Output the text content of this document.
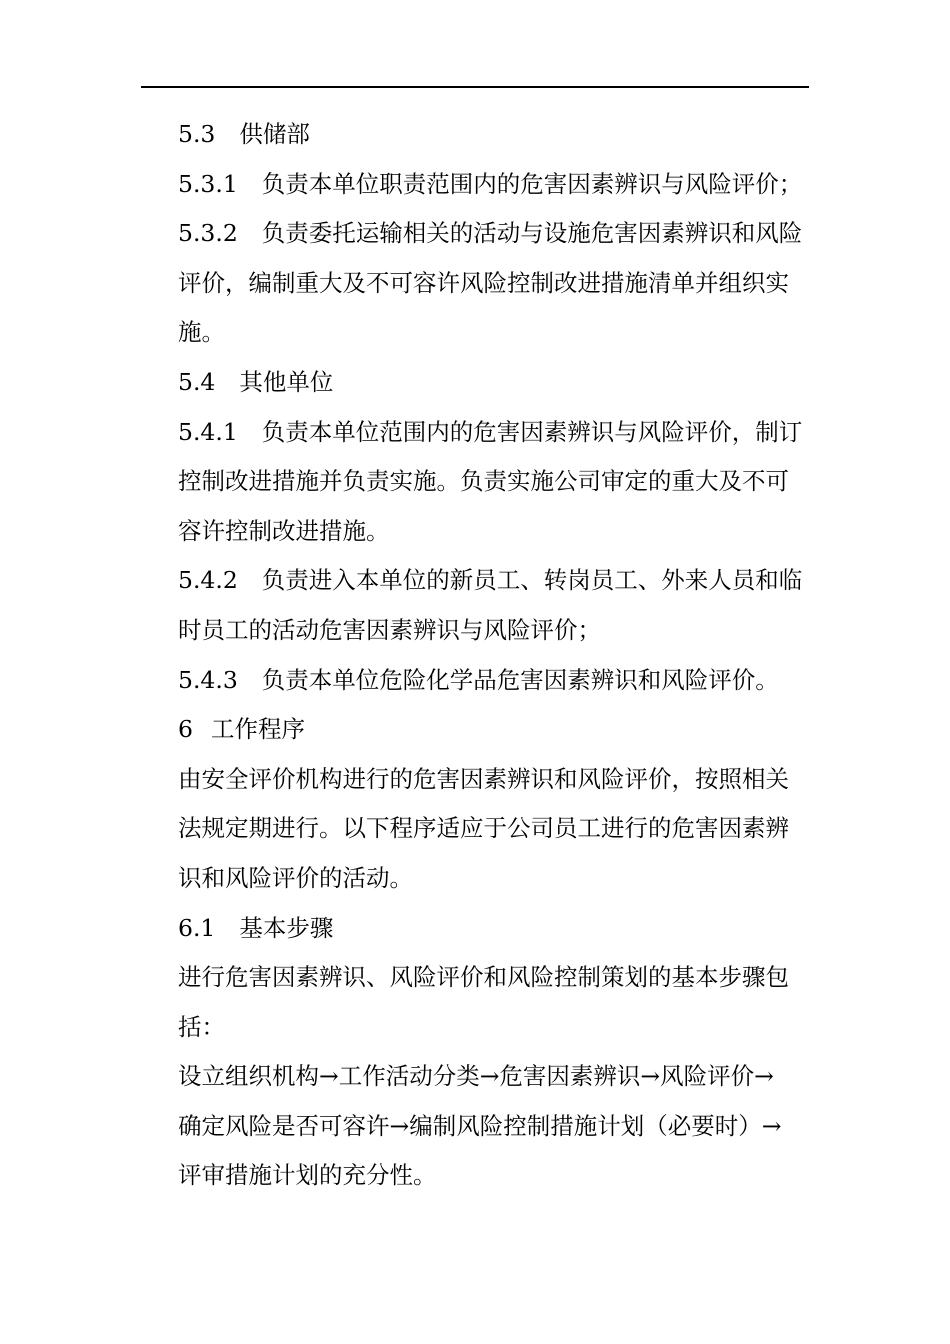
5.3 供储部
5.3.1 负责本单位职责范围内的危害因素辨识与风险评价；
5.3.2 负责委托运输相关的活动与设施危害因素辨识和风险
评价，编制重大及不可容许风险控制改进措施清单并组织实
施。
5.4 其他单位
5.4.1 负责本单位范围内的危害因素辨识与风险评价，制订
控制改进措施并负责实施。负责实施公司审定的重大及不可
容许控制改进措施。
5.4.2 负责进入本单位的新员工、转岗员工、外来人员和临
时员工的活动危害因素辨识与风险评价；
5.4.3 负责本单位危险化学品危害因素辨识和风险评价。
6 工作程序
由安全评价机构进行的危害因素辨识和风险评价，按照相关
法规定期进行。以下程序适应于公司员工进行的危害因素辨
识和风险评价的活动。
6.1 基本步骤
进行危害因素辨识、风险评价和风险控制策划的基本步骤包
括：
设立组织机构→工作活动分类→危害因素辨识→风险评价→
确定风险是否可容许→编制风险控制措施计划（必要时）→
评审措施计划的充分性。
